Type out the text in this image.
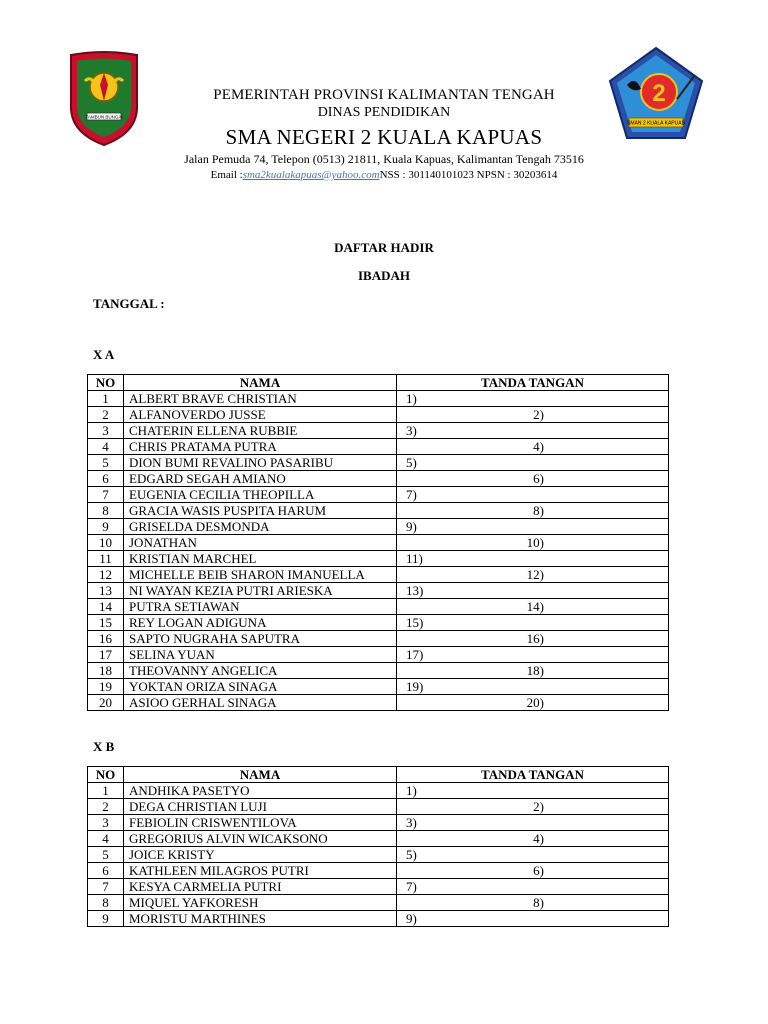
TAMBUN BUNGAI
2
SMAN 2 KUALA KAPUAS
PEMERINTAH PROVINSI KALIMANTAN TENGAH
DINAS PENDIDIKAN
SMA NEGERI 2 KUALA KAPUAS
Jalan Pemuda 74, Telepon (0513) 21811, Kuala Kapuas, Kalimantan Tengah 73516
Email :sma2kualakapuas@yahoo.comNSS : 301140101023 NPSN : 30203614
DAFTAR HADIR
IBADAH
TANGGAL :
X A
NO	NAMA	TANDA TANGAN
1	ALBERT BRAVE CHRISTIAN	1)
2	ALFANOVERDO JUSSE	2)
3	CHATERIN ELLENA RUBBIE	3)
4	CHRIS PRATAMA PUTRA	4)
5	DION BUMI REVALINO PASARIBU	5)
6	EDGARD SEGAH AMIANO	6)
7	EUGENIA CECILIA THEOPILLA	7)
8	GRACIA WASIS PUSPITA HARUM	8)
9	GRISELDA DESMONDA	9)
10	JONATHAN	10)
11	KRISTIAN MARCHEL	11)
12	MICHELLE BEIB SHARON IMANUELLA	12)
13	NI WAYAN KEZIA PUTRI ARIESKA	13)
14	PUTRA SETIAWAN	14)
15	REY LOGAN ADIGUNA	15)
16	SAPTO NUGRAHA SAPUTRA	16)
17	SELINA YUAN	17)
18	THEOVANNY ANGELICA	18)
19	YOKTAN ORIZA SINAGA	19)
20	ASIOO GERHAL SINAGA	20)
X B
NO	NAMA	TANDA TANGAN
1	ANDHIKA PASETYO	1)
2	DEGA CHRISTIAN LUJI	2)
3	FEBIOLIN CRISWENTILOVA	3)
4	GREGORIUS ALVIN WICAKSONO	4)
5	JOICE KRISTY	5)
6	KATHLEEN MILAGROS PUTRI	6)
7	KESYA CARMELIA PUTRI	7)
8	MIQUEL YAFKORESH	8)
9	MORISTU MARTHINES	9)
